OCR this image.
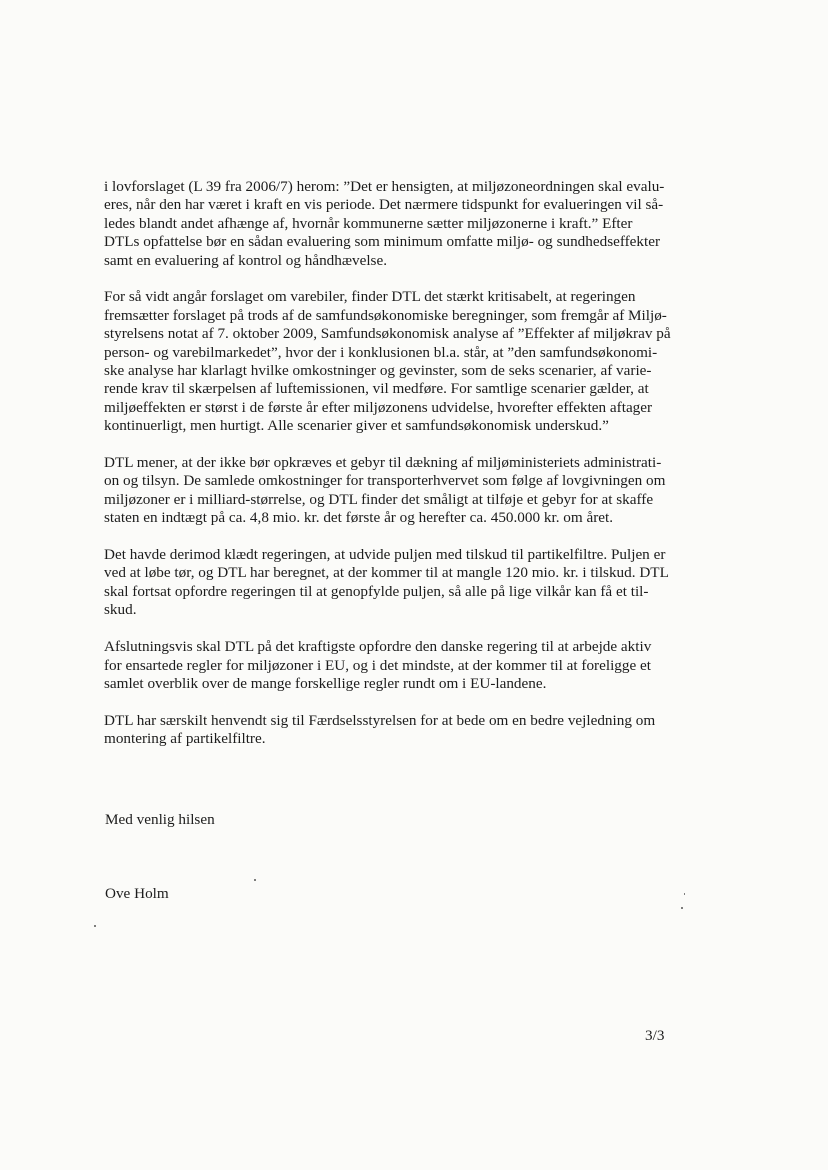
i lovforslaget (L 39 fra 2006/7) herom: ”Det er hensigten, at miljøzoneordningen skal evalu-
eres, når den har været i kraft en vis periode. Det nærmere tidspunkt for evalueringen vil så-
ledes blandt andet afhænge af, hvornår kommunerne sætter miljøzonerne i kraft.” Efter
DTLs opfattelse bør en sådan evaluering som minimum omfatte miljø- og sundhedseffekter
samt en evaluering af kontrol og håndhævelse.

For så vidt angår forslaget om varebiler, finder DTL det stærkt kritisabelt, at regeringen
fremsætter forslaget på trods af de samfundsøkonomiske beregninger, som fremgår af Miljø-
styrelsens notat af 7. oktober 2009, Samfundsøkonomisk analyse af ”Effekter af miljøkrav på
person- og varebilmarkedet”, hvor der i konklusionen bl.a. står, at ”den samfundsøkonomi-
ske analyse har klarlagt hvilke omkostninger og gevinster, som de seks scenarier, af varie-
rende krav til skærpelsen af luftemissionen, vil medføre. For samtlige scenarier gælder, at
miljøeffekten er størst i de første år efter miljøzonens udvidelse, hvorefter effekten aftager
kontinuerligt, men hurtigt. Alle scenarier giver et samfundsøkonomisk underskud.”

DTL mener, at der ikke bør opkræves et gebyr til dækning af miljøministeriets administrati-
on og tilsyn. De samlede omkostninger for transporterhvervet som følge af lovgivningen om
miljøzoner er i milliard-størrelse, og DTL finder det småligt at tilføje et gebyr for at skaffe
staten en indtægt på ca. 4,8 mio. kr. det første år og herefter ca. 450.000 kr. om året.

Det havde derimod klædt regeringen, at udvide puljen med tilskud til partikelfiltre. Puljen er
ved at løbe tør, og DTL har beregnet, at der kommer til at mangle 120 mio. kr. i tilskud. DTL
skal fortsat opfordre regeringen til at genopfylde puljen, så alle på lige vilkår kan få et til-
skud.

Afslutningsvis skal DTL på det kraftigste opfordre den danske regering til at arbejde aktiv
for ensartede regler for miljøzoner i EU, og i det mindste, at der kommer til at foreligge et
samlet overblik over de mange forskellige regler rundt om i EU-landene.

DTL har særskilt henvendt sig til Færdselsstyrelsen for at bede om en bedre vejledning om
montering af partikelfiltre.

Med venlig hilsen
Ove Holm
3/3
